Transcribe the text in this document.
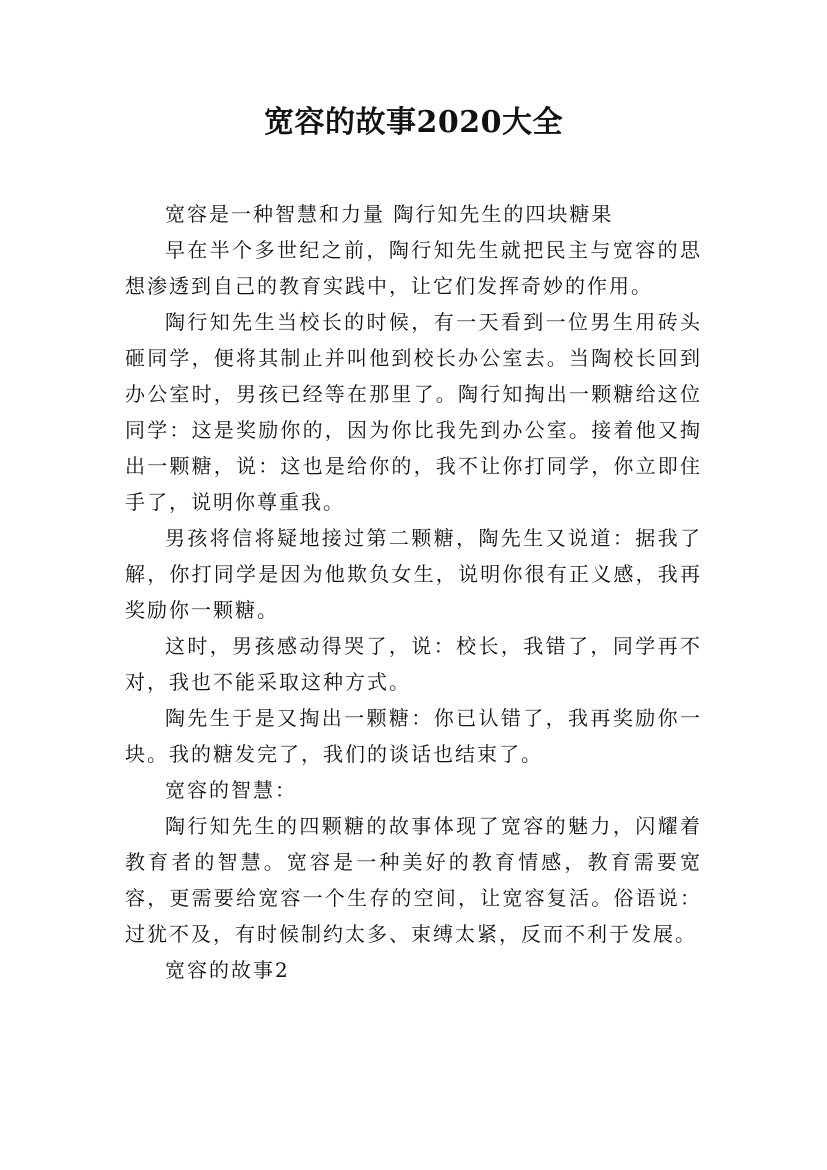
宽容的故事2020大全

宽容是一种智慧和力量 陶行知先生的四块糖果

早在半个多世纪之前，陶行知先生就把民主与宽容的思想渗透到自己的教育实践中，让它们发挥奇妙的作用。

陶行知先生当校长的时候，有一天看到一位男生用砖头砸同学，便将其制止并叫他到校长办公室去。当陶校长回到办公室时，男孩已经等在那里了。陶行知掏出一颗糖给这位同学：这是奖励你的，因为你比我先到办公室。接着他又掏出一颗糖，说：这也是给你的，我不让你打同学，你立即住手了，说明你尊重我。

男孩将信将疑地接过第二颗糖，陶先生又说道：据我了解，你打同学是因为他欺负女生，说明你很有正义感，我再奖励你一颗糖。

这时，男孩感动得哭了，说：校长，我错了，同学再不对，我也不能采取这种方式。

陶先生于是又掏出一颗糖：你已认错了，我再奖励你一块。我的糖发完了，我们的谈话也结束了。

宽容的智慧：

陶行知先生的四颗糖的故事体现了宽容的魅力，闪耀着教育者的智慧。宽容是一种美好的教育情感，教育需要宽容，更需要给宽容一个生存的空间，让宽容复活。俗语说：过犹不及，有时候制约太多、束缚太紧，反而不利于发展。

宽容的故事2
